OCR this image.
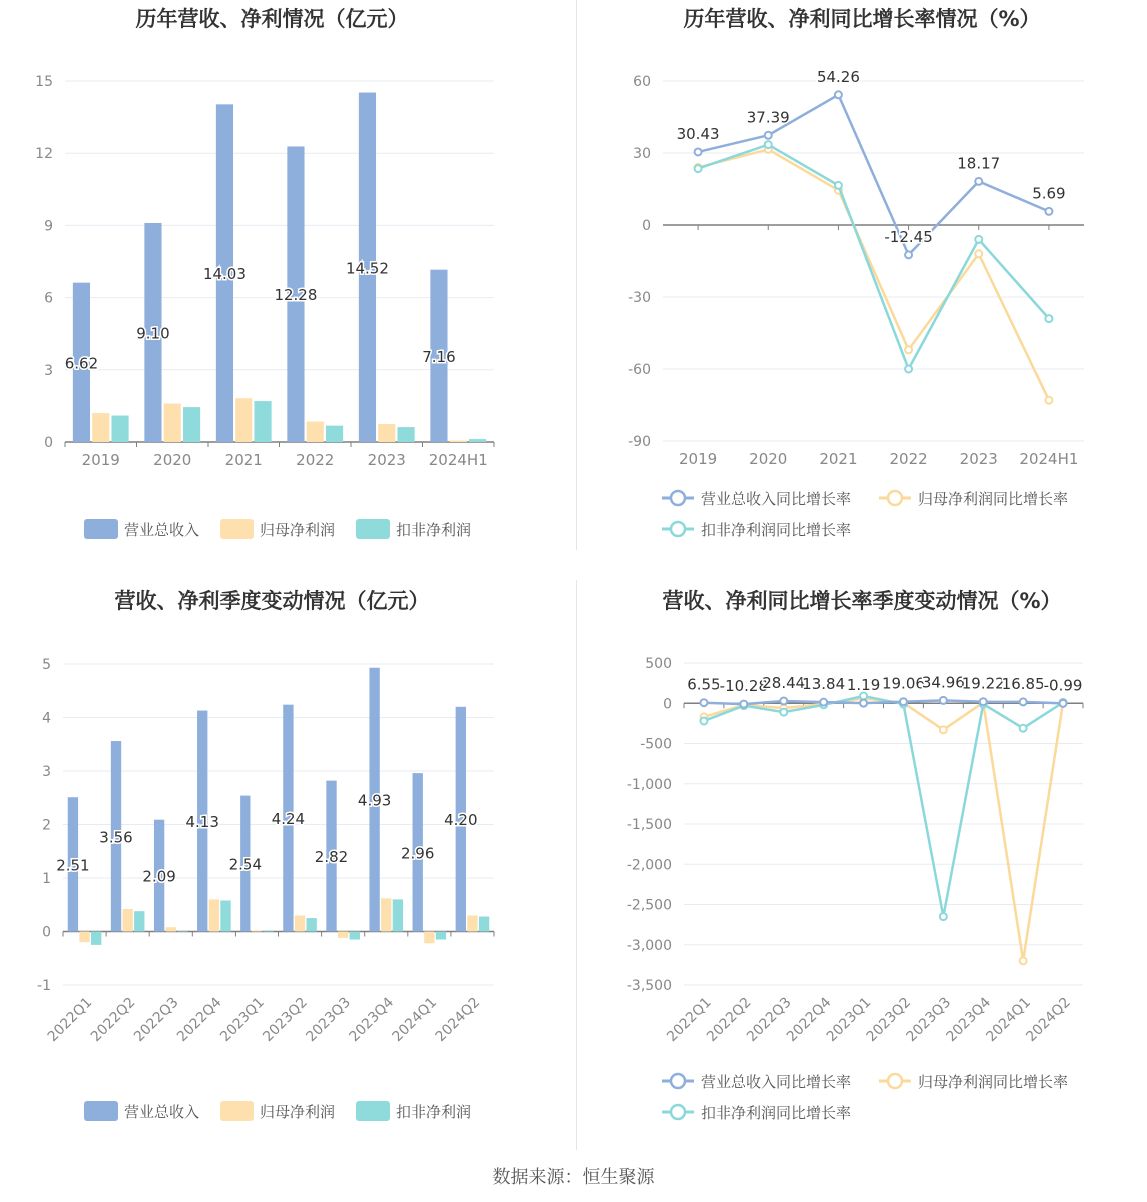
历年营收、净利情况（亿元）
0
3
6
9
12
15
2019 2020 2021 2022 2023 2024H1
6.62
9.10
14.03
12.28
14.52
7.16
营业总收入	归母净利润	扣非净利润
历年营收、净利同比增长率情况（%）
-90
-60
-30
0
30
60
2019 2020 2021 2022 2023 2024H1
30.43
37.39
54.26
-12.45
18.17
5.69
营业总收入同比增长率	归母净利润同比增长率
扣非净利润同比增长率
营收、净利季度变动情况（亿元）
-1
0
1
2
3
4
5
2022Q1
2022Q2
2022Q3
2022Q4
2023Q1
2023Q2
2023Q3
2023Q4
2024Q1
2024Q2
2.51
3.56
2.09
4.13
2.54
4.24
2.82
4.93
2.96
4.20
营业总收入	归母净利润	扣非净利润
营收、净利同比增长率季度变动情况（%）
-3,500
-3,000
-2,500
-2,000
-1,500
-1,000
-500
0
500
2022Q1
2022Q2
2022Q3
2022Q4
2023Q1
2023Q2
2023Q3
2023Q4
2024Q1
2024Q2
6.55 -10.28
28.44
13.84 1.19 19.06
34.96
19.22
16.85 -0.99
营业总收入同比增长率	归母净利润同比增长率
扣非净利润同比增长率
数据来源：恒生聚源
